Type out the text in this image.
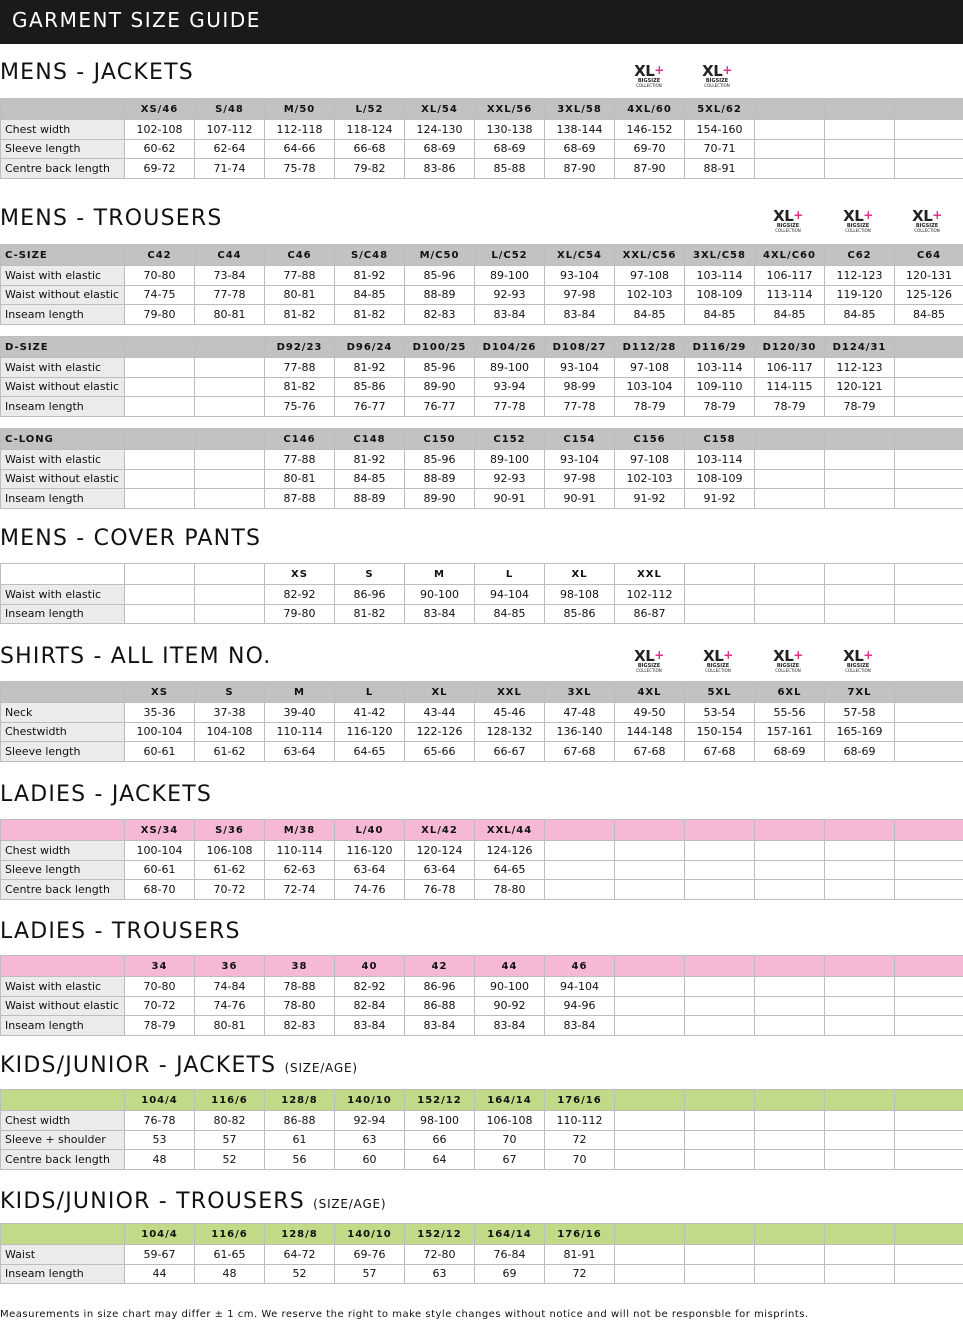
GARMENT SIZE GUIDE
MENS - JACKETS
	XS/46	S/48	M/50	L/52	XL/54	XXL/56	3XL/58	4XL/60	5XL/62			
Chest width	102-108	107-112	112-118	118-124	124-130	130-138	138-144	146-152	154-160			
Sleeve length	60-62	62-64	64-66	66-68	68-69	68-69	68-69	69-70	70-71			
Centre back length	69-72	71-74	75-78	79-82	83-86	85-88	87-90	87-90	88-91			
MENS - TROUSERS
C-SIZE	C42	C44	C46	S/C48	M/C50	L/C52	XL/C54	XXL/C56	3XL/C58	4XL/C60	C62	C64
Waist with elastic	70-80	73-84	77-88	81-92	85-96	89-100	93-104	97-108	103-114	106-117	112-123	120-131
Waist without elastic	74-75	77-78	80-81	84-85	88-89	92-93	97-98	102-103	108-109	113-114	119-120	125-126
Inseam length	79-80	80-81	81-82	81-82	82-83	83-84	83-84	84-85	84-85	84-85	84-85	84-85
D-SIZE			D92/23	D96/24	D100/25	D104/26	D108/27	D112/28	D116/29	D120/30	D124/31	
Waist with elastic			77-88	81-92	85-96	89-100	93-104	97-108	103-114	106-117	112-123	
Waist without elastic			81-82	85-86	89-90	93-94	98-99	103-104	109-110	114-115	120-121	
Inseam length			75-76	76-77	76-77	77-78	77-78	78-79	78-79	78-79	78-79	
C-LONG			C146	C148	C150	C152	C154	C156	C158			
Waist with elastic			77-88	81-92	85-96	89-100	93-104	97-108	103-114			
Waist without elastic			80-81	84-85	88-89	92-93	97-98	102-103	108-109			
Inseam length			87-88	88-89	89-90	90-91	90-91	91-92	91-92			
MENS - COVER PANTS
			XS	S	M	L	XL	XXL				
Waist with elastic			82-92	86-96	90-100	94-104	98-108	102-112				
Inseam length			79-80	81-82	83-84	84-85	85-86	86-87				
SHIRTS - ALL ITEM NO.
	XS	S	M	L	XL	XXL	3XL	4XL	5XL	6XL	7XL	
Neck	35-36	37-38	39-40	41-42	43-44	45-46	47-48	49-50	53-54	55-56	57-58	
Chestwidth	100-104	104-108	110-114	116-120	122-126	128-132	136-140	144-148	150-154	157-161	165-169	
Sleeve length	60-61	61-62	63-64	64-65	65-66	66-67	67-68	67-68	67-68	68-69	68-69	
LADIES - JACKETS
	XS/34	S/36	M/38	L/40	XL/42	XXL/44						
Chest width	100-104	106-108	110-114	116-120	120-124	124-126						
Sleeve length	60-61	61-62	62-63	63-64	63-64	64-65						
Centre back length	68-70	70-72	72-74	74-76	76-78	78-80						
LADIES - TROUSERS
	34	36	38	40	42	44	46					
Waist with elastic	70-80	74-84	78-88	82-92	86-96	90-100	94-104					
Waist without elastic	70-72	74-76	78-80	82-84	86-88	90-92	94-96					
Inseam length	78-79	80-81	82-83	83-84	83-84	83-84	83-84					
KIDS/JUNIOR - JACKETS (SIZE/AGE)
	104/4	116/6	128/8	140/10	152/12	164/14	176/16					
Chest width	76-78	80-82	86-88	92-94	98-100	106-108	110-112					
Sleeve + shoulder	53	57	61	63	66	70	72					
Centre back length	48	52	56	60	64	67	70					
KIDS/JUNIOR - TROUSERS (SIZE/AGE)
	104/4	116/6	128/8	140/10	152/12	164/14	176/16					
Waist	59-67	61-65	64-72	69-76	72-80	76-84	81-91					
Inseam length	44	48	52	57	63	69	72					
XL+
BIGSIZE
COLLECTION
XL+
BIGSIZE
COLLECTION
XL+
BIGSIZE
COLLECTION
XL+
BIGSIZE
COLLECTION
XL+
BIGSIZE
COLLECTION
XL+
BIGSIZE
COLLECTION
XL+
BIGSIZE
COLLECTION
XL+
BIGSIZE
COLLECTION
XL+
BIGSIZE
COLLECTION
Measurements in size chart may differ ± 1 cm. We reserve the right to make style changes without notice and will not be responsble for misprints.
